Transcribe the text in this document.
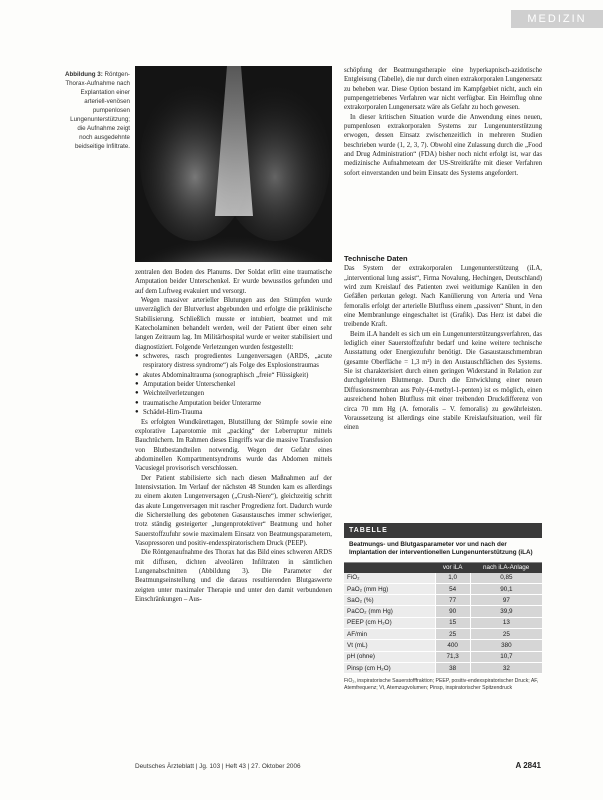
MEDIZIN
Abbildung 3: Röntgen-Thorax-Aufnahme nach Explantation einer arteriell-venösen pumpenlosen Lungenunterstützung; die Aufnahme zeigt noch ausgedehnte beidseitige Infiltrate.

zentralen den Boden des Planums. Der Soldat erlitt eine traumatische Amputation beider Unterschenkel. Er wurde bewusstlos gefunden und auf dem Luftweg evakuiert und versorgt.

Wegen massiver arterieller Blutungen aus den Stümpfen wurde unverzüglich der Blutverlust abgebunden und erfolgte die präklinische Stabilisierung. Schließlich musste er intubiert, beatmet und mit Katecholaminen behandelt werden, weil der Patient über einen sehr langen Zeitraum lag. Im Militärhospital wurde er weiter stabilisiert und diagnostiziert. Folgende Verletzungen wurden festgestellt:

● schweres, rasch progredientes Lungenversagen (ARDS, „acute respiratory distress syndrome“) als Folge des Explosionstraumas
● akutes Abdominaltrauma (sonographisch „freie“ Flüssigkeit)
● Amputation beider Unterschenkel
● Weichteilverletzungen
● traumatische Amputation beider Unterarme
● Schädel-Hirn-Trauma

Es erfolgten Wundkürettagen, Blutstillung der Stümpfe sowie eine explorative Laparotomie mit „packing“ der Leberruptur mittels Bauchtüchern. Im Rahmen dieses Eingriffs war die massive Transfusion von Blutbestandteilen notwendig. Wegen der Gefahr eines abdominellen Kompartmentsyndroms wurde das Abdomen mittels Vacusiegel provisorisch verschlossen.

Der Patient stabilisierte sich nach diesen Maßnahmen auf der Intensivstation. Im Verlauf der nächsten 48 Stunden kam es allerdings zu einem akuten Lungenversagen („Crush-Niere“), gleichzeitig schritt das akute Lungenversagen mit rascher Progredienz fort. Dadurch wurde die Sicherstellung des gebotenen Gasaustausches immer schwieriger, trotz ständig gesteigerter „lungenprotektiver“ Beatmung und hoher Sauerstoffzufuhr sowie maximalem Einsatz von Beatmungsparametern, Vasopressoren und positiv-endexspiratorischem Druck (PEEP).

Die Röntgenaufnahme des Thorax hat das Bild eines schweren ARDS mit diffusen, dichten alveolären Infiltraten in sämtlichen Lungenabschnitten (Abbildung 3). Die Parameter der Beatmungseinstellung und die daraus resultierenden Blutgaswerte zeigten unter maximaler Therapie und unter den damit verbundenen Einschränkungen – Aus-

schöpfung der Beatmungstherapie eine hyperkapnisch-azidotische Entgleisung (Tabelle), die nur durch einen extrakorporalen Lungenersatz zu beheben war. Diese Option bestand im Kampfgebiet nicht, auch ein pumpengetriebenes Verfahren war nicht verfügbar. Ein Heimflug ohne extrakorporalen Lungenersatz wäre als Gefahr zu hoch gewesen.

In dieser kritischen Situation wurde die Anwendung eines neuen, pumpenlosen extrakorporalen Systems zur Lungenunterstützung erwogen, dessen Einsatz zwischenzeitlich in mehreren Studien beschrieben wurde (1, 2, 3, 7). Obwohl eine Zulassung durch die „Food and Drug Administration“ (FDA) bisher noch nicht erfolgt ist, war das medizinische Aufnahmeteam der US-Streitkräfte mit dieser Verfahren sofort einverstanden und beim Einsatz des Systems angefordert.

Technische Daten

Das System der extrakorporalen Lungenunterstützung (iLA, „interventional lung assist“, Firma Novalung, Hechingen, Deutschland) wird zum Kreislauf des Patienten zwei weitlumige Kanülen in den Gefäßen perkutan gelegt. Nach Kanülierung von Arteria und Vena femoralis erfolgt der arterielle Blutfluss einem „passiven“ Shunt, in den eine Membranlunge eingeschaltet ist (Grafik). Das Herz ist dabei die treibende Kraft.

Beim iLA handelt es sich um ein Lungenunterstützungsverfahren, das lediglich einer Sauerstoffzufuhr bedarf und keine weitere technische Ausstattung oder Energiezufuhr benötigt. Die Gasaustauschmembran (gesamte Oberfläche = 1,3 m²) in den Austauschflächen des Systems. Sie ist charakterisiert durch einen geringen Widerstand in Relation zur durchgeleiteten Blutmenge. Durch die Entwicklung einer neuen Diffusionsmembran aus Poly-(4-methyl-1-penten) ist es möglich, einen ausreichend hohen Blutfluss mit einer treibenden Druckdifferenz von circa 70 mm Hg (A. femoralis – V. femoralis) zu gewährleisten. Voraussetzung ist allerdings eine stabile Kreislaufsituation, weil für einen

TABELLE
Beatmungs- und Blutgasparameter vor und nach der Implantation der interventionellen Lungenunterstützung (iLA)
	vor iLA	nach iLA-Anlage
FiO₂	1,0	0,85
PaO₂ (mm Hg)	54	90,1
SaO₂ (%)	77	97
PaCO₂ (mm Hg)	90	39,9
PEEP (cm H₂O)	15	13
AF/min	25	25
Vt (mL)	400	380
pH (ohne)	71,3	10,7
Pinsp (cm H₂O)	38	32
FiO₂, inspiratorische Sauerstofffraktion; PEEP, positiv-endexspiratorischer Druck; AF, Atemfrequenz; Vt, Atemzugvolumen; Pinsp, inspiratorischer Spitzendruck
Deutsches Ärzteblatt | Jg. 103 | Heft 43 | 27. Oktober 2006	A 2841
